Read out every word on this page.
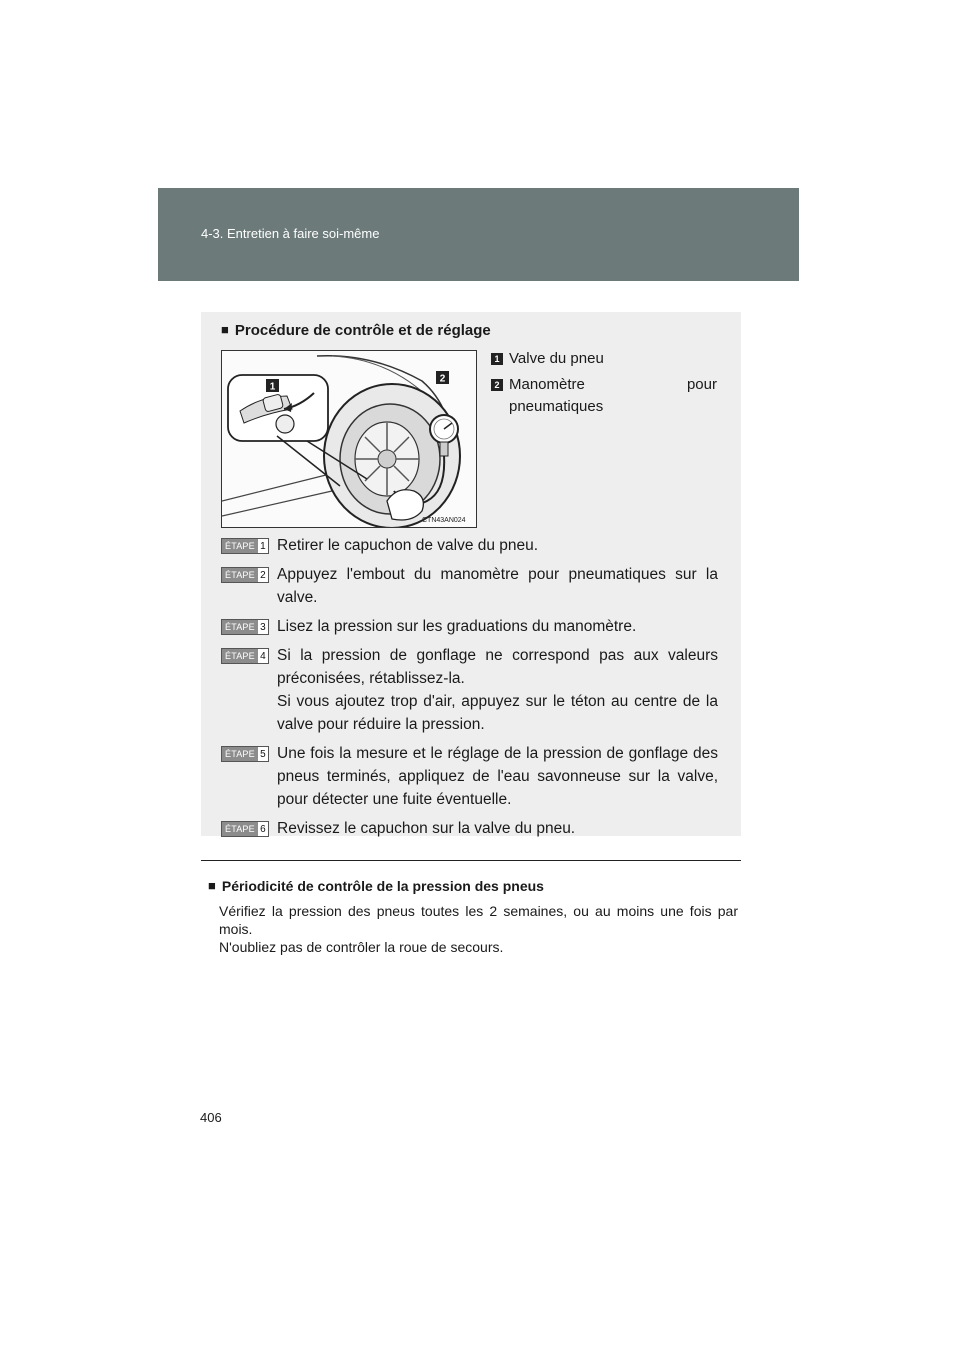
4-3. Entretien à faire soi-même
■ Procédure de contrôle et de réglage
1
2
CTN43AN024
1 Valve du pneu
2 Manomètre pour
pneumatiques
ÉTAPE 1 Retirer le capuchon de valve du pneu.
ÉTAPE 2 Appuyez l'embout du manomètre pour pneumatiques sur la valve.
ÉTAPE 3 Lisez la pression sur les graduations du manomètre.
ÉTAPE 4 Si la pression de gonflage ne correspond pas aux valeurs préconisées, rétablissez-la.
Si vous ajoutez trop d'air, appuyez sur le téton au centre de la valve pour réduire la pression.
ÉTAPE 5 Une fois la mesure et le réglage de la pression de gonflage des pneus terminés, appliquez de l'eau savonneuse sur la valve, pour détecter une fuite éventuelle.
ÉTAPE 6 Revissez le capuchon sur la valve du pneu.
■ Périodicité de contrôle de la pression des pneus
Vérifiez la pression des pneus toutes les 2 semaines, ou au moins une fois par mois.
N'oubliez pas de contrôler la roue de secours.
406
